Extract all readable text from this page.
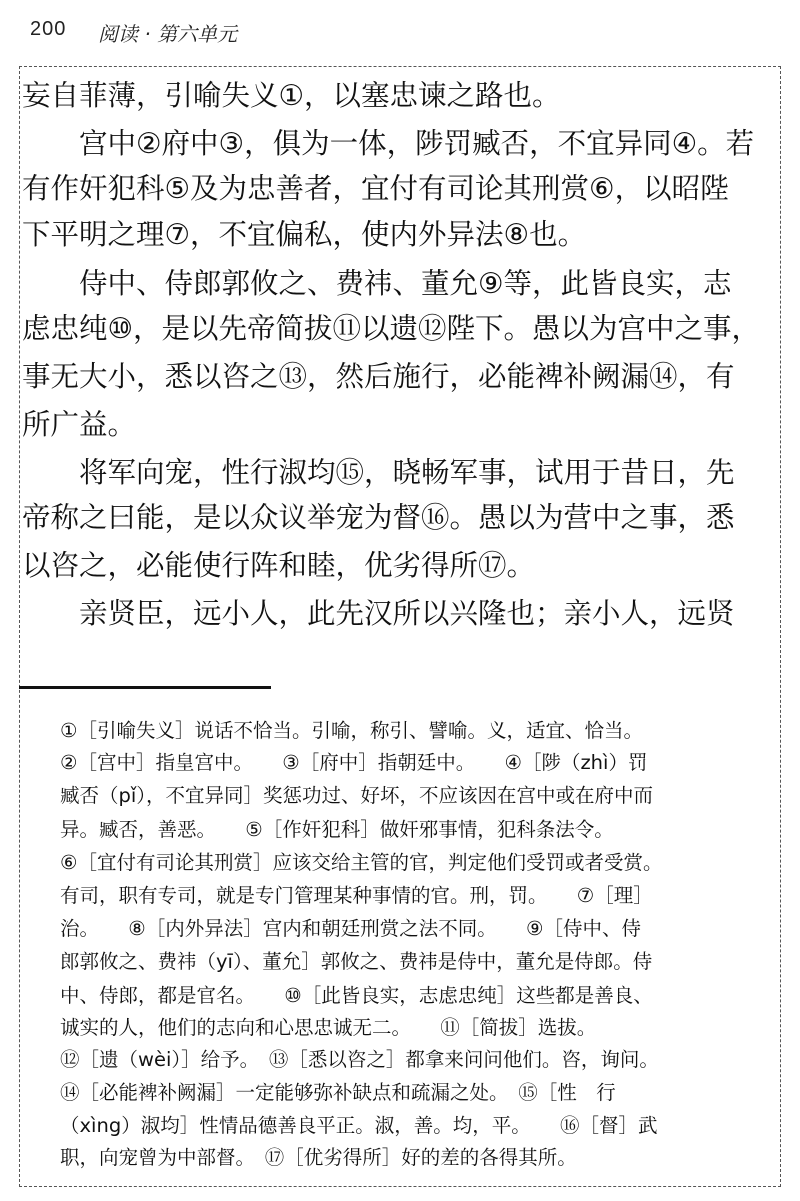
200 阅读 · 第六单元
妄自菲薄，引喻失义①，以塞忠谏之路也。
　　宫中②府中③，俱为一体，陟罚臧否，不宜异同④。若
有作奸犯科⑤及为忠善者，宜付有司论其刑赏⑥，以昭陛
下平明之理⑦，不宜偏私，使内外异法⑧也。
　　侍中、侍郎郭攸之、费祎、董允⑨等，此皆良实，志
虑忠纯⑩，是以先帝简拔⑪以遗⑫陛下。愚以为宫中之事，
事无大小，悉以咨之⑬，然后施行，必能裨补阙漏⑭，有
所广益。
　　将军向宠，性行淑均⑮，晓畅军事，试用于昔日，先
帝称之曰能，是以众议举宠为督⑯。愚以为营中之事，悉
以咨之，必能使行阵和睦，优劣得所⑰。
　　亲贤臣，远小人，此先汉所以兴隆也；亲小人，远贤
①［引喻失义］说话不恰当。引喻，称引、譬喻。义，适宜、恰当。
②［宫中］指皇宫中。　　③［府中］指朝廷中。　　④［陟（zhì）罚
臧否（pǐ），不宜异同］奖惩功过、好坏，不应该因在宫中或在府中而
异。臧否，善恶。　　⑤［作奸犯科］做奸邪事情，犯科条法令。
⑥［宜付有司论其刑赏］应该交给主管的官，判定他们受罚或者受赏。
有司，职有专司，就是专门管理某种事情的官。刑，罚。　　⑦［理］
治。　　⑧［内外异法］宫内和朝廷刑赏之法不同。　　⑨［侍中、侍
郎郭攸之、费祎（yī）、董允］郭攸之、费祎是侍中，董允是侍郎。侍
中、侍郎，都是官名。　　⑩［此皆良实，志虑忠纯］这些都是善良、
诚实的人，他们的志向和心思忠诚无二。　　⑪［简拔］选拔。
⑫［遗（wèi）］给予。　⑬［悉以咨之］都拿来问问他们。咨，询问。
⑭［必能裨补阙漏］一定能够弥补缺点和疏漏之处。　⑮［性　行
（xìng）淑均］性情品德善良平正。淑，善。均，平。　　⑯［督］武
职，向宠曾为中部督。　⑰［优劣得所］好的差的各得其所。
